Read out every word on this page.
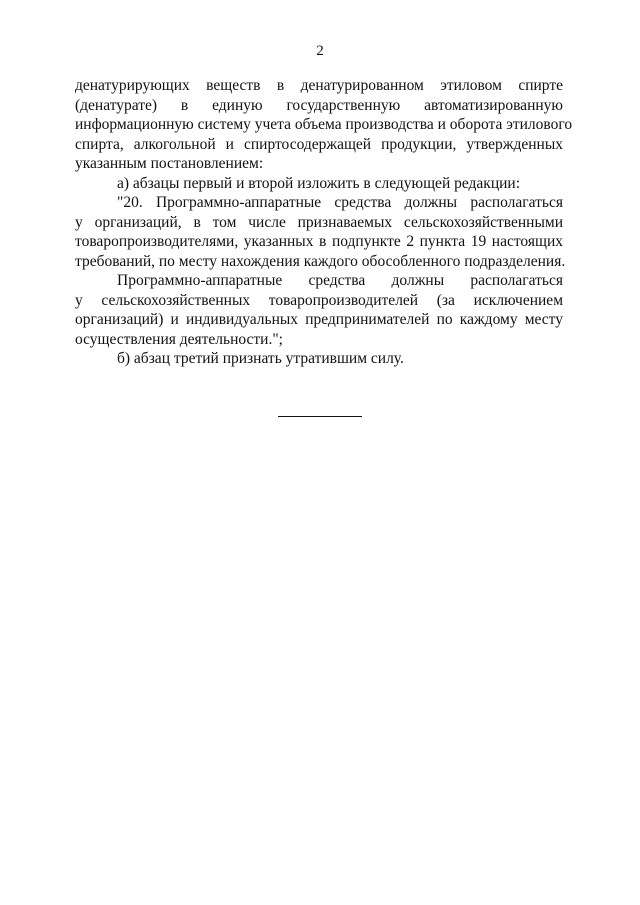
2

денатурирующих веществ в денатурированном этиловом спирте
(денатурате) в единую государственную автоматизированную
информационную систему учета объема производства и оборота этилового
спирта, алкогольной и спиртосодержащей продукции, утвержденных
указанным постановлением:

а) абзацы первый и второй изложить в следующей редакции:

"20. Программно-аппаратные средства должны располагаться
у организаций, в том числе признаваемых сельскохозяйственными
товаропроизводителями, указанных в подпункте 2 пункта 19 настоящих
требований, по месту нахождения каждого обособленного подразделения.

Программно-аппаратные средства должны располагаться
у сельскохозяйственных товаропроизводителей (за исключением
организаций) и индивидуальных предпринимателей по каждому месту
осуществления деятельности.";

б) абзац третий признать утратившим силу.
